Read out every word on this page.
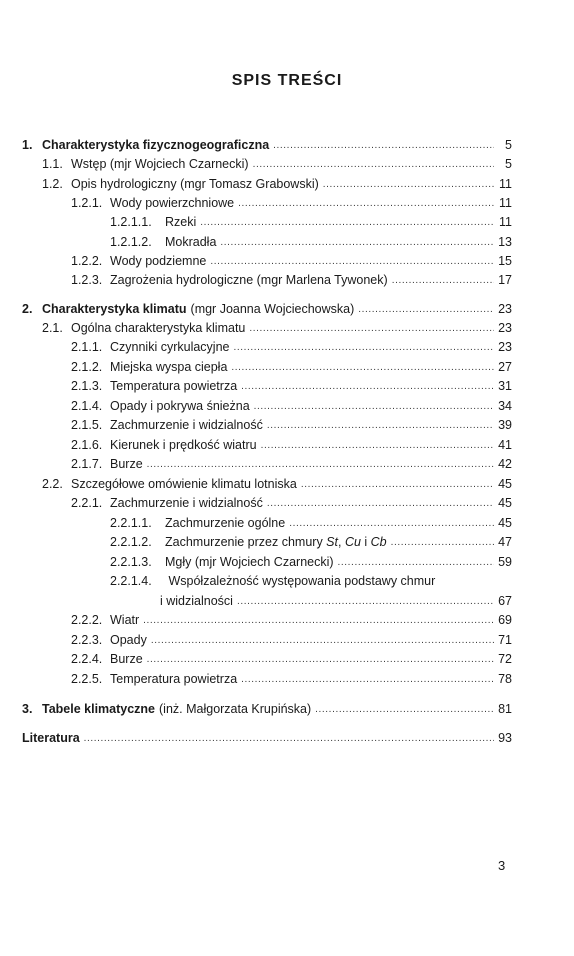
SPIS TREŚCI
1. Charakterystyka fizycznogeograficzna .....	5
1.1. Wstęp (mjr Wojciech Czarnecki) .....	5
1.2. Opis hydrologiczny (mgr Tomasz Grabowski) .....	11
1.2.1. Wody powierzchniowe .....	11
1.2.1.1.	Rzeki .....	11
1.2.1.2.	Mokradła .....	13
1.2.2. Wody podziemne .....	15
1.2.3. Zagrożenia hydrologiczne (mgr Marlena Tywonek) .....	17
2. Charakterystyka klimatu (mgr Joanna Wojciechowska) .....	23
2.1. Ogólna charakterystyka klimatu .....	23
2.1.1. Czynniki cyrkulacyjne .....	23
2.1.2. Miejska wyspa ciepła .....	27
2.1.3. Temperatura powietrza .....	31
2.1.4. Opady i pokrywa śnieżna .....	34
2.1.5. Zachmurzenie i widzialność .....	39
2.1.6. Kierunek i prędkość wiatru .....	41
2.1.7. Burze .....	42
2.2. Szczegółowe omówienie klimatu lotniska .....	45
2.2.1. Zachmurzenie i widzialność .....	45
2.2.1.1.	Zachmurzenie ogólne .....	45
2.2.1.2.	Zachmurzenie przez chmury St, Cu i Cb .....	47
2.2.1.3.	Mgły (mjr Wojciech Czarnecki) .....	59
2.2.1.4. Współzależność występowania podstawy chmur
i widzialności .....	67
2.2.2. Wiatr .....	69
2.2.3. Opady .....	71
2.2.4. Burze .....	72
2.2.5. Temperatura powietrza .....	78
3. Tabele klimatyczne (inż. Małgorzata Krupińska) .....	81
Literatura .....	93
3
